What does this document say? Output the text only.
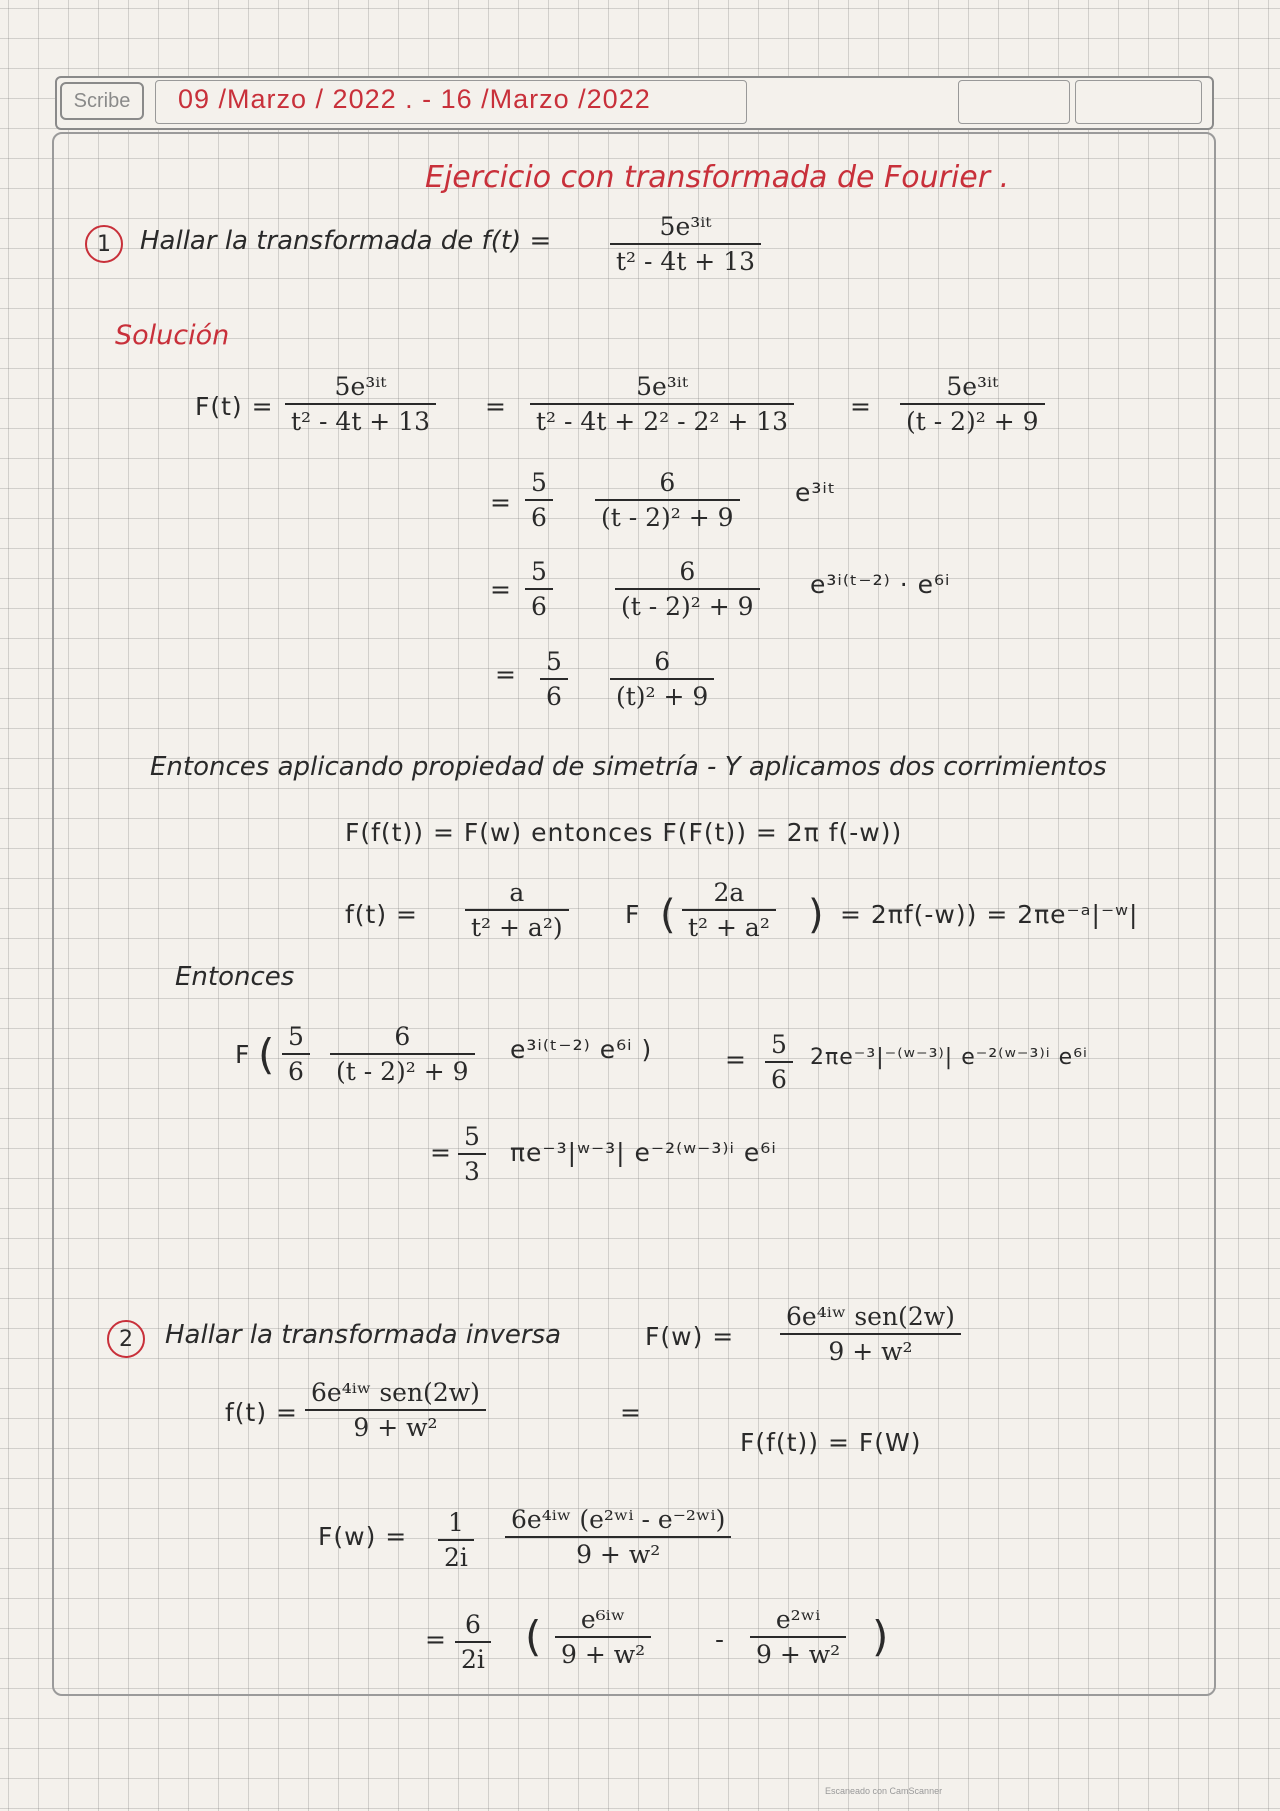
Scribe	09 /Marzo / 2022 . - 16 /Marzo /2022
Ejercicio con transformada de Fourier .
1	Hallar la transformada de f(t) =	5e³ⁱᵗ
t² - 4t + 13
Solución
F(t) =
5e³ⁱᵗ
t² - 4t + 13
=
5e³ⁱᵗ
t² - 4t + 2² - 2² + 13
=
5e³ⁱᵗ
(t - 2)² + 9
=
5
6
6
(t - 2)² + 9
e³ⁱᵗ
=
5
6
6
(t - 2)² + 9
e³ⁱ⁽ᵗ⁻²⁾ · e⁶ⁱ
= 5
6
6
(t)² + 9
Entonces aplicando propiedad de simetría - Y aplicamos dos corrimientos
F(f(t)) = F(w) entonces F(F(t)) = 2π f(-w))
f(t) =
a
t² + a²) F ( 2a
t² + a² ) = 2πf(-w)) = 2πe⁻ᵃ|⁻ʷ|
Entonces
F ( 5
6
6
(t - 2)² + 9
e³ⁱ⁽ᵗ⁻²⁾ e⁶ⁱ )	=
5
6
2πe⁻³|⁻⁽ʷ⁻³⁾| e⁻²⁽ʷ⁻³⁾ⁱ e⁶ⁱ
=
5
3
πe⁻³|ʷ⁻³| e⁻²⁽ʷ⁻³⁾ⁱ e⁶ⁱ
2	Hallar la transformada inversa	F(w) =
6e⁴ⁱʷ sen(2w)
9 + w²
f(t) =
6e⁴ⁱʷ sen(2w)
9 + w²
=
F(f(t)) = F(W)
F(w) = 1
2i
6e⁴ⁱʷ (e²ʷⁱ - e⁻²ʷⁱ)
9 + w²
=
6
2i ( e⁶ⁱʷ
9 + w²
-
e²ʷⁱ
9 + w² )
Escaneado con CamScanner
